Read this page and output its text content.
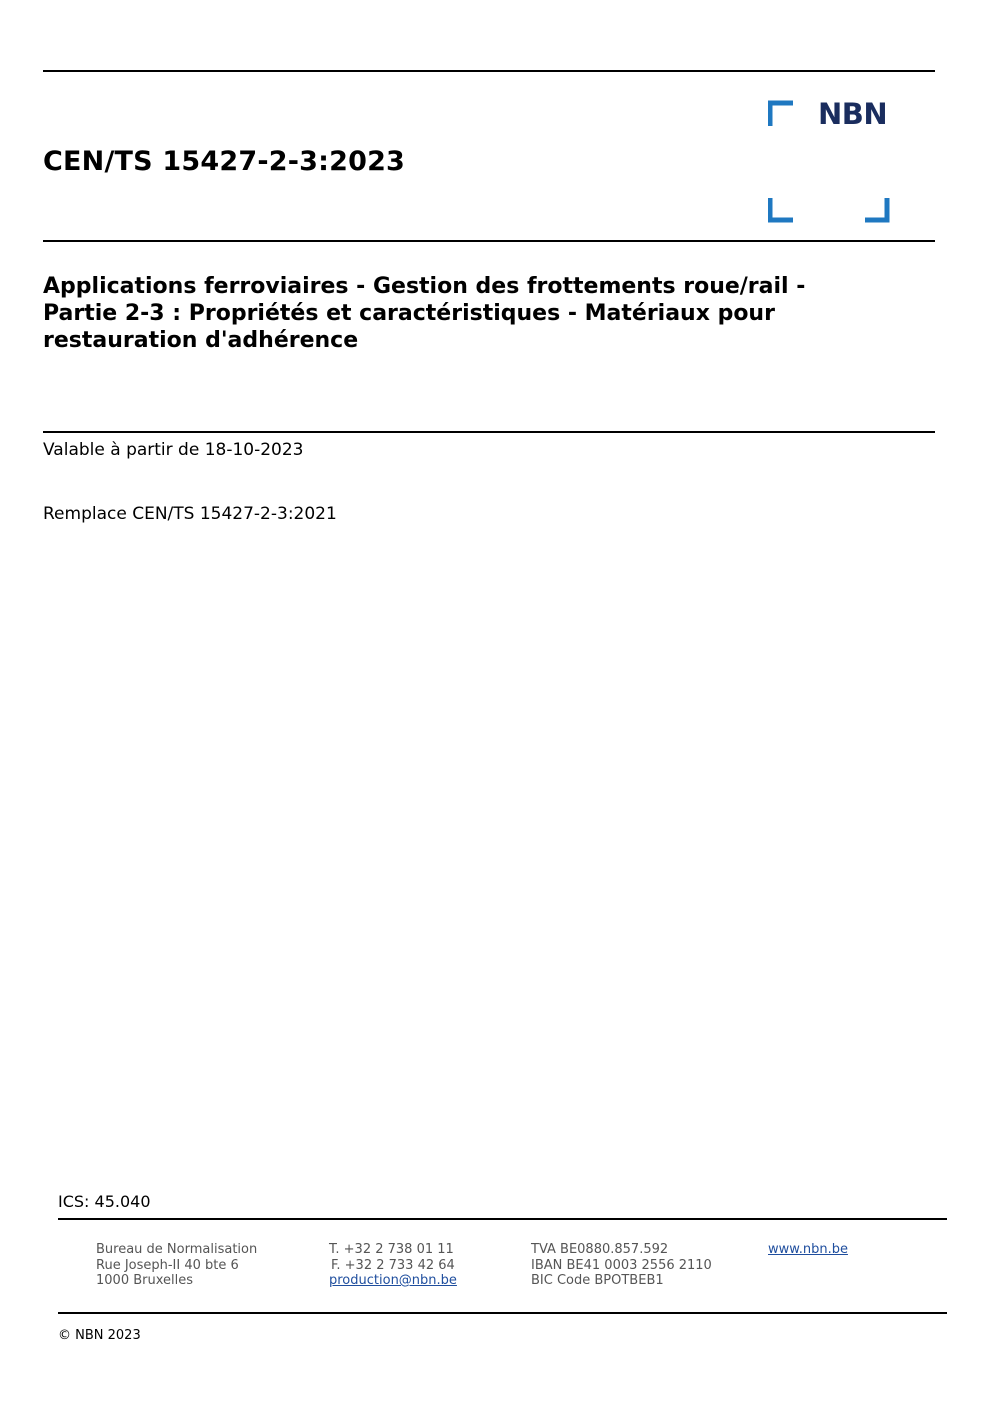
CEN/TS 15427-2-3:2023
NBN
Applications ferroviaires - Gestion des frottements roue/rail -
Partie 2-3 : Propriétés et caractéristiques - Matériaux pour
restauration d'adhérence
Valable à partir de 18-10-2023
Remplace CEN/TS 15427-2-3:2021
ICS: 45.040
Bureau de Normalisation
Rue Joseph-II 40 bte 6
1000 Bruxelles
T. +32 2 738 01 11
F. +32 2 733 42 64
production@nbn.be
TVA BE0880.857.592
IBAN BE41 0003 2556 2110
BIC Code BPOTBEB1
www.nbn.be
© NBN 2023
